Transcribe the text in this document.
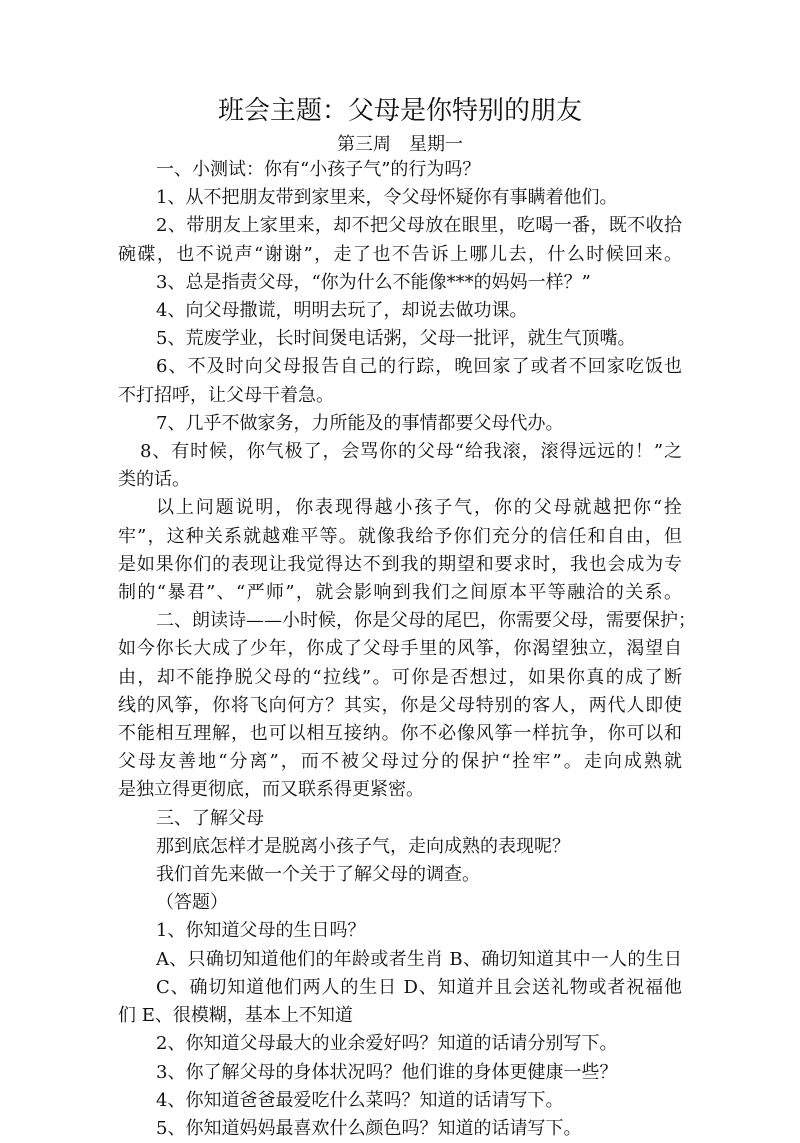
班会主题：父母是你特别的朋友
第三周　星期一

一、小测试：你有“小孩子气”的行为吗？

1、从不把朋友带到家里来，令父母怀疑你有事瞒着他们。

2、带朋友上家里来，却不把父母放在眼里，吃喝一番，既不收拾

碗碟，也不说声“谢谢”，走了也不告诉上哪儿去，什么时候回来。

3、总是指责父母，“你为什么不能像***的妈妈一样？”

4、向父母撒谎，明明去玩了，却说去做功课。

5、荒废学业，长时间煲电话粥，父母一批评，就生气顶嘴。

6、不及时向父母报告自己的行踪，晚回家了或者不回家吃饭也

不打招呼，让父母干着急。

7、几乎不做家务，力所能及的事情都要父母代办。

8、有时候，你气极了，会骂你的父母“给我滚，滚得远远的！”之

类的话。

以上问题说明，你表现得越小孩子气，你的父母就越把你“拴

牢”，这种关系就越难平等。就像我给予你们充分的信任和自由，但

是如果你们的表现让我觉得达不到我的期望和要求时，我也会成为专

制的“暴君”、“严师”，就会影响到我们之间原本平等融洽的关系。

二、朗读诗——小时候，你是父母的尾巴，你需要父母，需要保护；

如今你长大成了少年，你成了父母手里的风筝，你渴望独立，渴望自

由，却不能挣脱父母的“拉线”。可你是否想过，如果你真的成了断

线的风筝，你将飞向何方？其实，你是父母特别的客人，两代人即使

不能相互理解，也可以相互接纳。你不必像风筝一样抗争，你可以和

父母友善地“分离”，而不被父母过分的保护“拴牢”。走向成熟就

是独立得更彻底，而又联系得更紧密。

三、了解父母

那到底怎样才是脱离小孩子气，走向成熟的表现呢？

我们首先来做一个关于了解父母的调查。

（答题）

1、你知道父母的生日吗？

A、只确切知道他们的年龄或者生肖 B、确切知道其中一人的生日

C、确切知道他们两人的生日 D、知道并且会送礼物或者祝福他

们 E、很模糊，基本上不知道

2、你知道父母最大的业余爱好吗？知道的话请分别写下。

3、你了解父母的身体状况吗？他们谁的身体更健康一些？

4、你知道爸爸最爱吃什么菜吗？知道的话请写下。

5、你知道妈妈最喜欢什么颜色吗？知道的话请写下。
